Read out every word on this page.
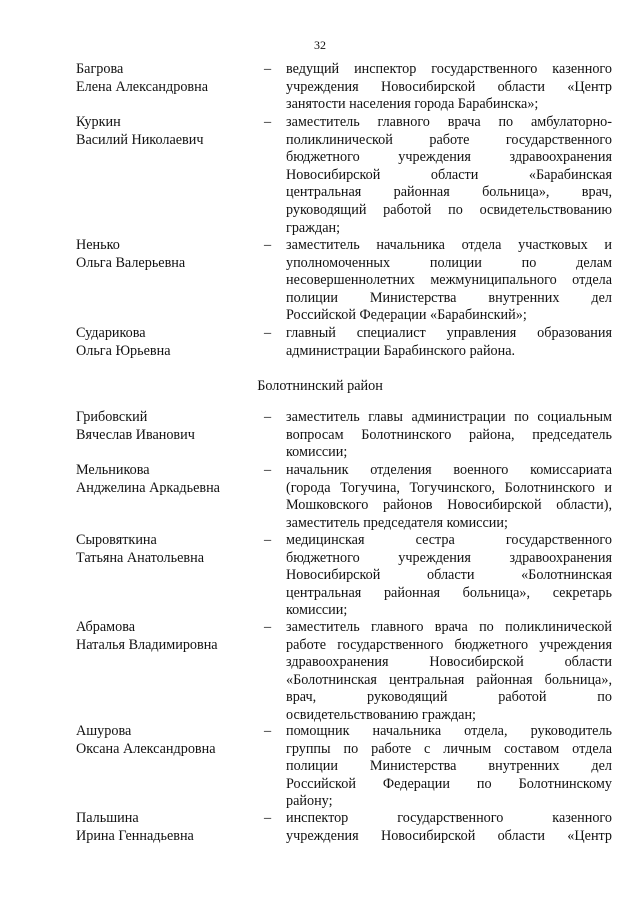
32
Багрова
Елена Александровна
– ведущий инспектор государственного казенного
учреждения Новосибирской области «Центр
занятости населения города Барабинска»;
Куркин
Василий Николаевич
– заместитель главного врача по амбулаторно-
поликлинической работе государственного
бюджетного учреждения здравоохранения
Новосибирской области «Барабинская
центральная районная больница», врач,
руководящий работой по освидетельствованию
граждан;
Ненько
Ольга Валерьевна
– заместитель начальника отдела участковых и
уполномоченных полиции по делам
несовершеннолетних межмуниципального отдела
полиции Министерства внутренних дел
Российской Федерации «Барабинский»;
Сударикова
Ольга Юрьевна
– главный специалист управления образования
администрации Барабинского района.
Болотнинский район
Грибовский
Вячеслав Иванович
– заместитель главы администрации по социальным
вопросам Болотнинского района, председатель
комиссии;
Мельникова
Анджелина Аркадьевна
– начальник отделения военного комиссариата
(города Тогучина, Тогучинского, Болотнинского и
Мошковского районов Новосибирской области),
заместитель председателя комиссии;
Сыровяткина
Татьяна Анатольевна
– медицинская сестра государственного
бюджетного учреждения здравоохранения
Новосибирской области «Болотнинская
центральная районная больница», секретарь
комиссии;
Абрамова
Наталья Владимировна
– заместитель главного врача по поликлинической
работе государственного бюджетного учреждения
здравоохранения Новосибирской области
«Болотнинская центральная районная больница»,
врач, руководящий работой по
освидетельствованию граждан;
Ашурова
Оксана Александровна
– помощник начальника отдела, руководитель
группы по работе с личным составом отдела
полиции Министерства внутренних дел
Российской Федерации по Болотнинскому
району;
Пальшина
Ирина Геннадьевна
– инспектор государственного казенного
учреждения Новосибирской области «Центр
